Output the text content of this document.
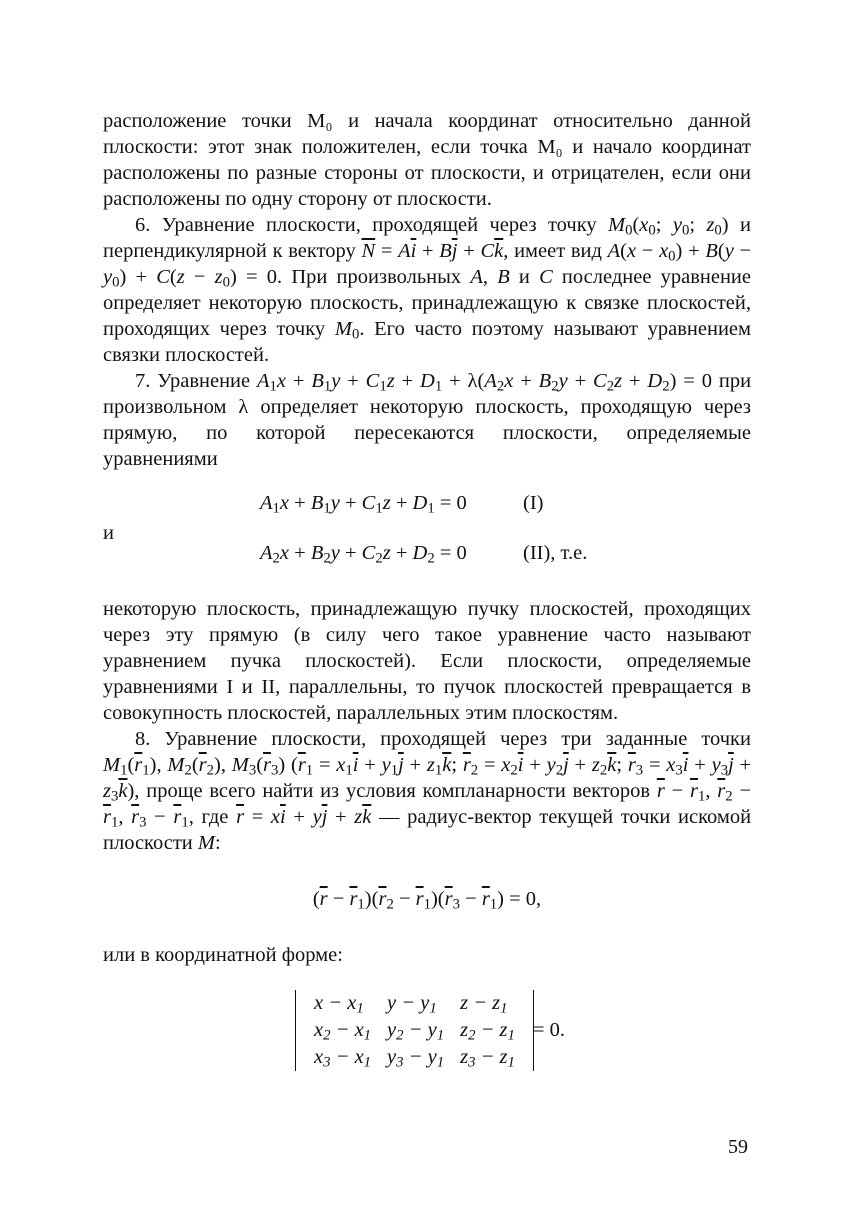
расположение точки M₀ и начала координат относительно данной плоскости: этот знак положителен, если точка M₀ и начало координат расположены по разные стороны от плоскости, и отрицателен, если они расположены по одну сторону от плоскости.

6. Уравнение плоскости, проходящей через точку $M_0(x_0$; $y_0$; $z_0$) и перпендикулярной к вектору $\overline{N} = A\overline{i} + B\overline{j} + C\overline{k}$, имеет вид $A(x - x_0) + B(y - y_0) + C(z - z_0) = 0$. При произвольных A, B и C последнее уравнение определяет некоторую плоскость, принадлежащую к связке плоскостей, проходящих через точку $M_0$. Его часто поэтому называют уравнением связки плоскостей.

7. Уравнение $A_1x + B_1y + C_1z + D_1 + \lambda(A_2x + B_2y + C_2z + D_2) = 0$ при произвольном λ определяет некоторую плоскость, проходящую через прямую, по которой пересекаются плоскости, определяемые уравнениями

$A_1x + B_1y + C_1z + D_1 = 0$	(I)
и
$A_2x + B_2y + C_2z + D_2 = 0$	(II), т.е.

некоторую плоскость, принадлежащую пучку плоскостей, проходящих через эту прямую (в силу чего такое уравнение часто называют уравнением пучка плоскостей). Если плоскости, определяемые уравнениями I и II, параллельны, то пучок плоскостей превращается в совокупность плоскостей, параллельных этим плоскостям.

8. Уравнение плоскости, проходящей через три заданные точки $M_1(\overline{r}_1)$, $M_2(\overline{r}_2)$, $M_3(\overline{r}_3) (\overline{r}_1 = x_1\overline{i} + y_1\overline{j} + z_1\overline{k}$; $\overline{r}_2 = x_2\overline{i} + y_2\overline{j} + z_2\overline{k}$; $\overline{r}_3 = x_3\overline{i} + y_3\overline{j} + z_3\overline{k}$), проще всего найти из условия компланарности векторов $\overline{r} - \overline{r}_1$, $\overline{r}_2 - \overline{r}_1$, $\overline{r}_3 - \overline{r}_1$, где $\overline{r} = x\overline{i} + y\overline{j} + z\overline{k}$ — радиус-вектор текущей точки искомой плоскости M:

$(\overline{r} - \overline{r}_1)(\overline{r}_2 - \overline{r}_1)(\overline{r}_3 - \overline{r}_1) = 0$,

или в координатной форме:

$x - x_1$	$y - y_1$	$z - z_1$
$x_2 - x_1$	$y_2 - y_1$	$z_2 - z_1$
$x_3 - x_1$	$y_3 - y_1$	$z_3 - z_1$
= 0.
59
